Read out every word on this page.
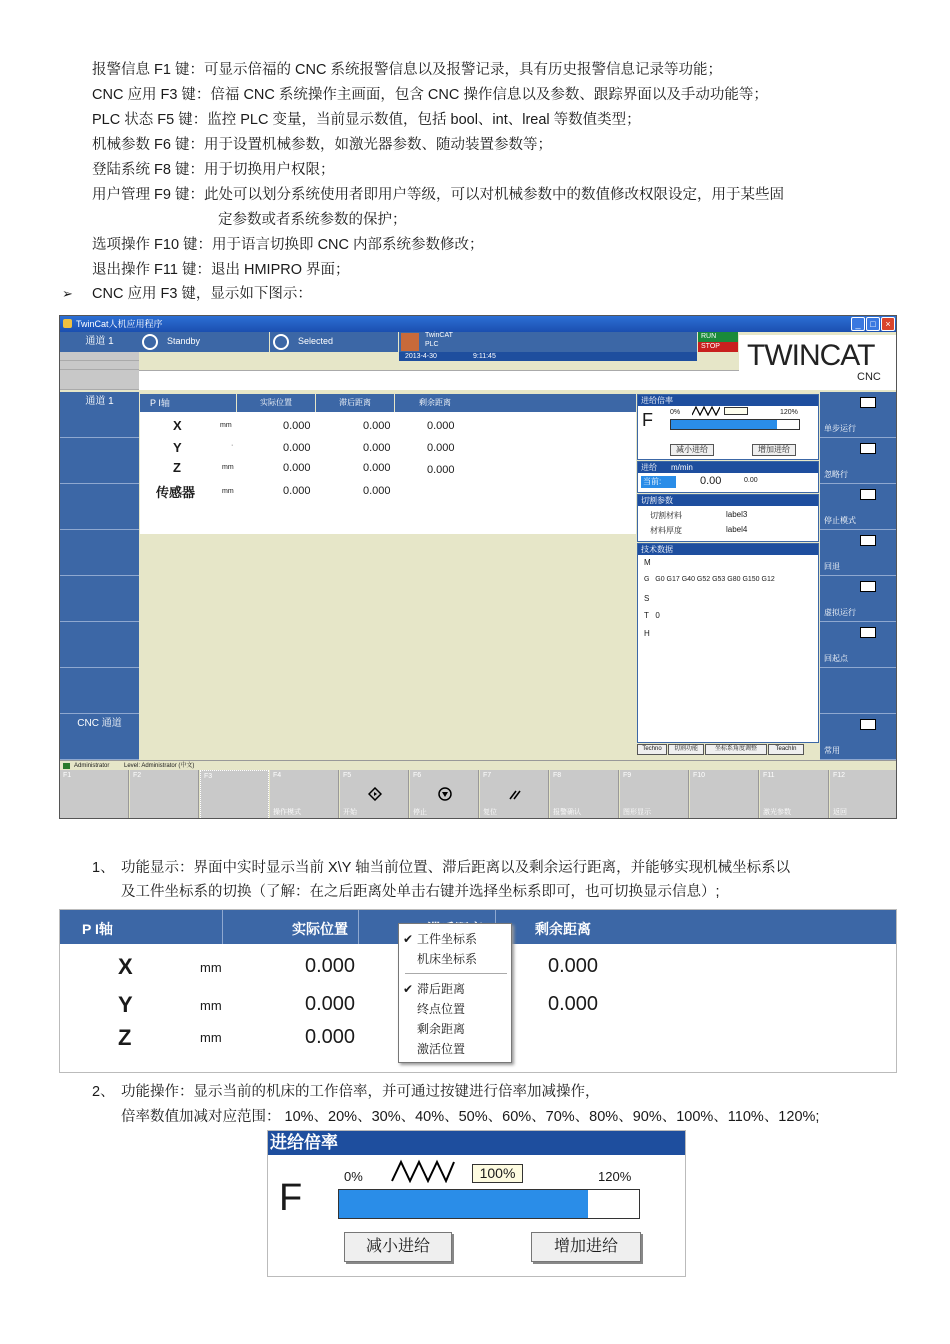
报警信息 F1 键：可显示倍福的 CNC 系统报警信息以及报警记录，具有历史报警信息记录等功能；
CNC 应用 F3 键：倍福 CNC 系统操作主画面，包含 CNC 操作信息以及参数、跟踪界面以及手动功能等；
PLC 状态 F5 键：监控 PLC 变量，当前显示数值，包括 bool、int、lreal 等数值类型；
机械参数 F6 键：用于设置机械参数，如激光器参数、随动装置参数等；
登陆系统 F8 键：用于切换用户权限；
用户管理 F9 键：此处可以划分系统使用者即用户等级，可以对机械参数中的数值修改权限设定，用于某些固
定参数或者系统参数的保护；
选项操作 F10 键：用于语言切换即 CNC 内部系统参数修改；
退出操作 F11 键：退出 HMIPRO 界面；
➢ CNC 应用 F3 键，显示如下图示：
TwinCat人机应用程序	_	□	×
通道 1	Standby	Selected
TwinCAT
PLC
2013-4-30	9:11:45
RUN
STOP TWINCAT
CNC
通道 1
CNC 通道
P I轴	实际位置	滞后距离	剩余距离
X	mm	0.000	0.000	0.000
Y	·	0.000	0.000	0.000
Z	mm	0.000	0.000	0.000
传感器	mm	0.000	0.000
进给倍率
F 0%	120%
减小进给	增加进给
进给 m/min
当前:	0.00	0.00
切割参数
切割材料	label3
材料厚度	label4
技术数据
M
G   G0 G17 G40 G52 G53 G80 G150 G12
S
T   0
H
Techno	切割功能	坐标系角度调整	TeachIn
单步运行
忽略行
停止模式
回退
虚拟运行
回起点
常用
Administrator Level: Administrator (中文)
F1	F2	F3	F4
操作模式
F5
开始
F6
停止
F7
复位
F8
报警确认
F9
图形显示
F10	F11
激光参数
F12
返回
1、 功能显示：界面中实时显示当前 X\Y 轴当前位置、滞后距离以及剩余运行距离，并能够实现机械坐标系以
及工件坐标系的切换（了解：在之后距离处单击右键并选择坐标系即可，也可切换显示信息）;
P I轴	实际位置	剩余距离
X	mm	0.000	0.000
Y	mm	0.000	0.000
Z	mm	0.000
✔ 工件坐标系
机床坐标系
✔ 滞后距离
终点位置
剩余距离
激活位置
2、 功能操作：显示当前的机床的工作倍率，并可通过按键进行倍率加减操作，
倍率数值加减对应范围： 10%、20%、30%、40%、50%、60%、70%、80%、90%、100%、110%、120%;
进给倍率
F
0%	100%	120%
减小进给	增加进给
